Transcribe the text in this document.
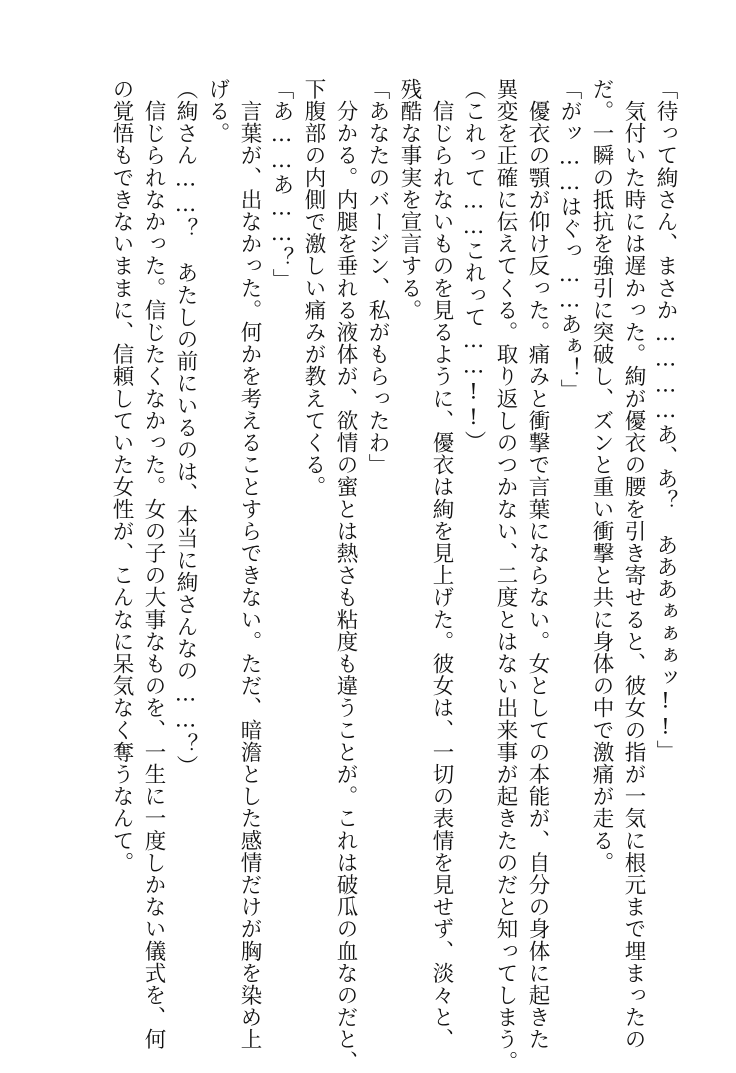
「待って絢さん、まさか…………あ、あ？　あああぁぁぁッ!!」
　気付いた時には遅かった。絢が優衣の腰を引き寄せると、彼女の指が一気に根元まで埋まったの
だ。一瞬の抵抗を強引に突破し、ズンと重い衝撃と共に身体の中で激痛が走る。
「がッ……はぐっ……あぁ！」
　優衣の顎が仰け反った。痛みと衝撃で言葉にならない。女としての本能が、自分の身体に起きた
異変を正確に伝えてくる。取り返しのつかない、二度とはない出来事が起きたのだと知ってしまう。
（これって……これって……!!）
　信じられないものを見るように、優衣は絢を見上げた。彼女は、一切の表情を見せず、淡々と、
残酷な事実を宣言する。
「あなたのバージン、私がもらったわ」
　分かる。内腿を垂れる液体が、欲情の蜜とは熱さも粘度も違うことが。これは破瓜の血なのだと、
下腹部の内側で激しい痛みが教えてくる。
「あ……あ……？」
　言葉が、出なかった。何かを考えることすらできない。ただ、暗澹とした感情だけが胸を染め上
げる。
（絢さん……？　あたしの前にいるのは、本当に絢さんなの……？）
　信じられなかった。信じたくなかった。女の子の大事なものを、一生に一度しかない儀式を、何
の覚悟もできないままに、信頼していた女性が、こんなに呆気なく奪うなんて。
